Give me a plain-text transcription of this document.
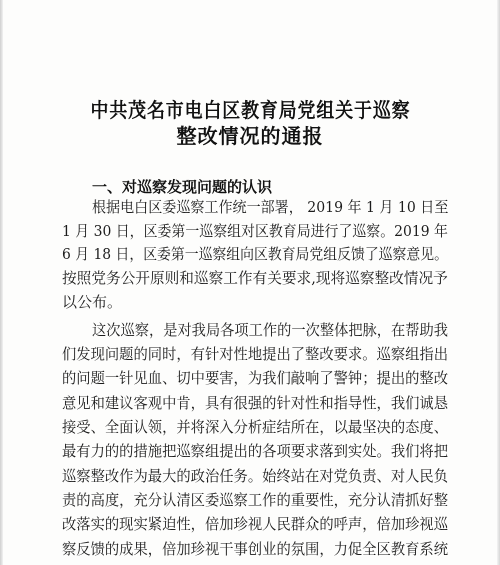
中共茂名市电白区教育局党组关于巡察
整改情况的通报
一、对巡察发现问题的认识

根据电白区委巡察工作统一部署， 2019 年 1 月 10 日至

1 月 30 日，区委第一巡察组对区教育局进行了巡察。2019 年

6 月 18 日，区委第一巡察组向区教育局党组反馈了巡察意见。

按照党务公开原则和巡察工作有关要求,现将巡察整改情况予

以公布。

这次巡察，是对我局各项工作的一次整体把脉，在帮助我

们发现问题的同时，有针对性地提出了整改要求。巡察组指出

的问题一针见血、切中要害，为我们敲响了警钟；提出的整改

意见和建议客观中肯，具有很强的针对性和指导性，我们诚恳

接受、全面认领，并将深入分析症结所在，以最坚决的态度、

最有力的的措施把巡察组提出的各项要求落到实处。我们将把

巡察整改作为最大的政治任务。始终站在对党负责、对人民负

责的高度，充分认清区委巡察工作的重要性，充分认清抓好整

改落实的现实紧迫性，倍加珍视人民群众的呼声，倍加珍视巡

察反馈的成果，倍加珍视干事创业的氛围，力促全区教育系统
